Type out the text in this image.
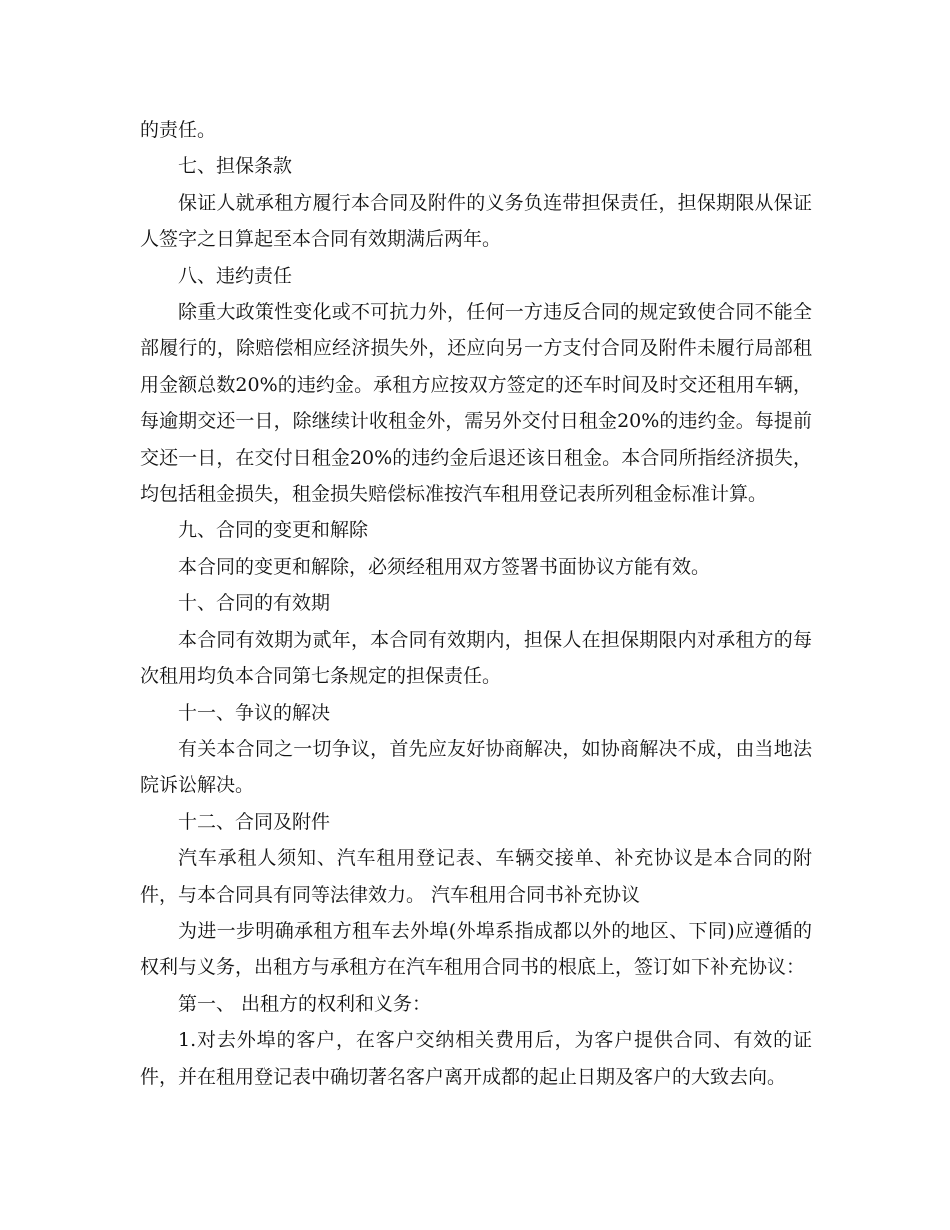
的责任。

七、担保条款

保证人就承租方履行本合同及附件的义务负连带担保责任，担保期限从保证人签字之日算起至本合同有效期满后两年。

八、违约责任

除重大政策性变化或不可抗力外，任何一方违反合同的规定致使合同不能全部履行的，除赔偿相应经济损失外，还应向另一方支付合同及附件未履行局部租用金额总数20%的违约金。承租方应按双方签定的还车时间及时交还租用车辆，每逾期交还一日，除继续计收租金外，需另外交付日租金20%的违约金。每提前交还一日，在交付日租金20%的违约金后退还该日租金。本合同所指经济损失，均包括租金损失，租金损失赔偿标准按汽车租用登记表所列租金标准计算。

九、合同的变更和解除

本合同的变更和解除，必须经租用双方签署书面协议方能有效。

十、合同的有效期

本合同有效期为贰年，本合同有效期内，担保人在担保期限内对承租方的每次租用均负本合同第七条规定的担保责任。

十一、争议的解决

有关本合同之一切争议，首先应友好协商解决，如协商解决不成，由当地法院诉讼解决。

十二、合同及附件

汽车承租人须知、汽车租用登记表、车辆交接单、补充协议是本合同的附件，与本合同具有同等法律效力。 汽车租用合同书补充协议

为进一步明确承租方租车去外埠(外埠系指成都以外的地区、下同)应遵循的权利与义务，出租方与承租方在汽车租用合同书的根底上，签订如下补充协议：

第一、 出租方的权利和义务：

1.对去外埠的客户，在客户交纳相关费用后，为客户提供合同、有效的证件，并在租用登记表中确切著名客户离开成都的起止日期及客户的大致去向。
